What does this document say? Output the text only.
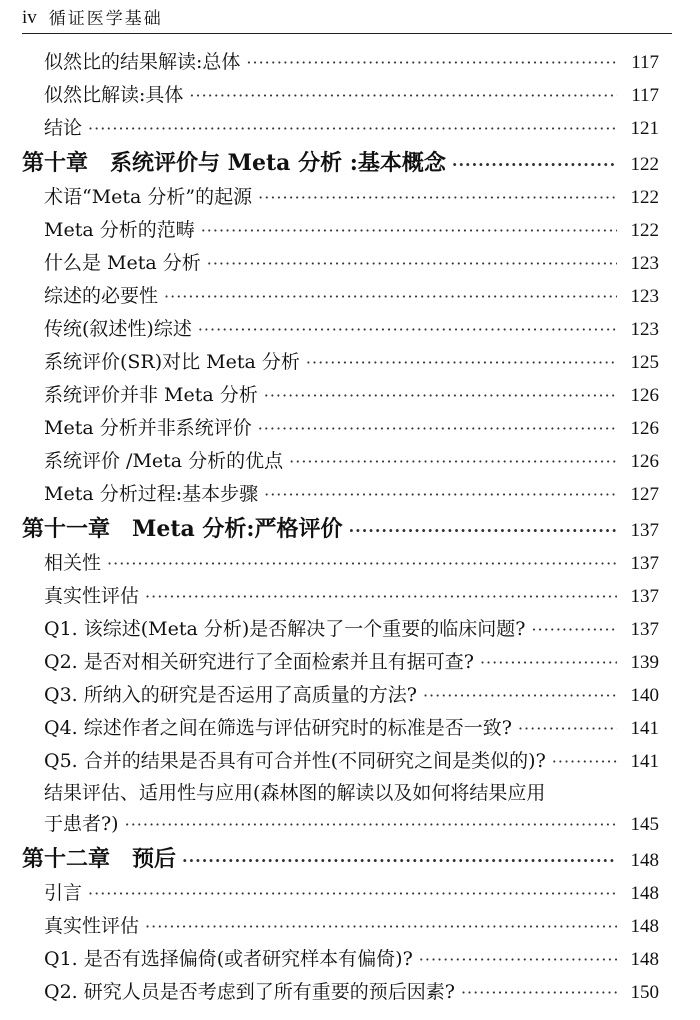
iv 循证医学基础
似然比的结果解读:总体 ·····	117
似然比解读:具体 ·····	117
结论 ·····	121
第十章　系统评价与 Meta 分析 :基本概念 ·····	122
术语“Meta 分析”的起源 ·····	122
Meta 分析的范畴 ·····	122
什么是 Meta 分析 ·····	123
综述的必要性 ·····	123
传统(叙述性)综述 ·····	123
系统评价(SR)对比 Meta 分析 ·····	125
系统评价并非 Meta 分析 ·····	126
Meta 分析并非系统评价 ·····	126
系统评价 /Meta 分析的优点 ·····	126
Meta 分析过程:基本步骤 ·····	127
第十一章　Meta 分析:严格评价 ·····	137
相关性 ·····	137
真实性评估 ·····	137
Q1. 该综述(Meta 分析)是否解决了一个重要的临床问题? ·····	137
Q2. 是否对相关研究进行了全面检索并且有据可查? ·····	139
Q3. 所纳入的研究是否运用了高质量的方法? ·····	140
Q4. 综述作者之间在筛选与评估研究时的标准是否一致? ·····	141
Q5. 合并的结果是否具有可合并性(不同研究之间是类似的)? ·····	141
结果评估、适用性与应用(森林图的解读以及如何将结果应用
于患者?) ·····	145
第十二章　预后 ·····	148
引言 ·····	148
真实性评估 ·····	148
Q1. 是否有选择偏倚(或者研究样本有偏倚)? ·····	148
Q2. 研究人员是否考虑到了所有重要的预后因素? ·····	150
